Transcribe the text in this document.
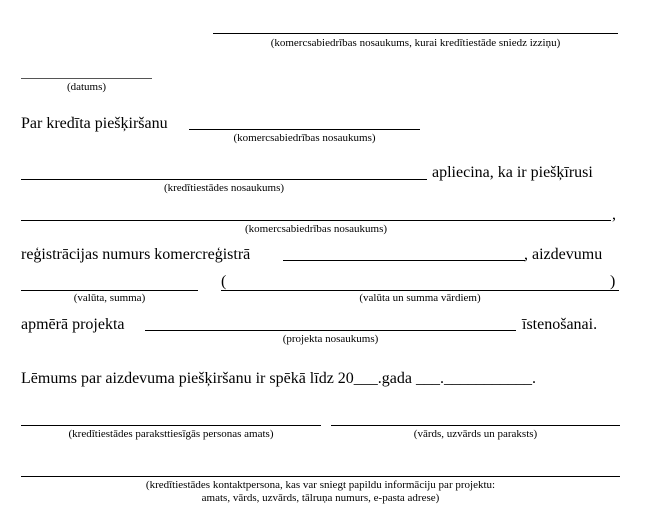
(komercsabiedrības nosaukums, kurai kredītiestāde sniedz izziņu)
(datums)
Par kredīta piešķiršanu
(komercsabiedrības nosaukums)
apliecina, ka ir piešķīrusi
(kredītiestādes nosaukums)
,
(komercsabiedrības nosaukums)
reģistrācijas numurs komercreģistrā	, aizdevumu
(	)
(valūta, summa)	(valūta un summa vārdiem)
apmērā projekta	īstenošanai.
(projekta nosaukums)
Lēmums par aizdevuma piešķiršanu ir spēkā līdz 20___.gada ___.___________.
(kredītiestādes paraksttiesīgās personas amats)	(vārds, uzvārds un paraksts)
(kredītiestādes kontaktpersona, kas var sniegt papildu informāciju par projektu:
amats, vārds, uzvārds, tālruņa numurs, e-pasta adrese)
